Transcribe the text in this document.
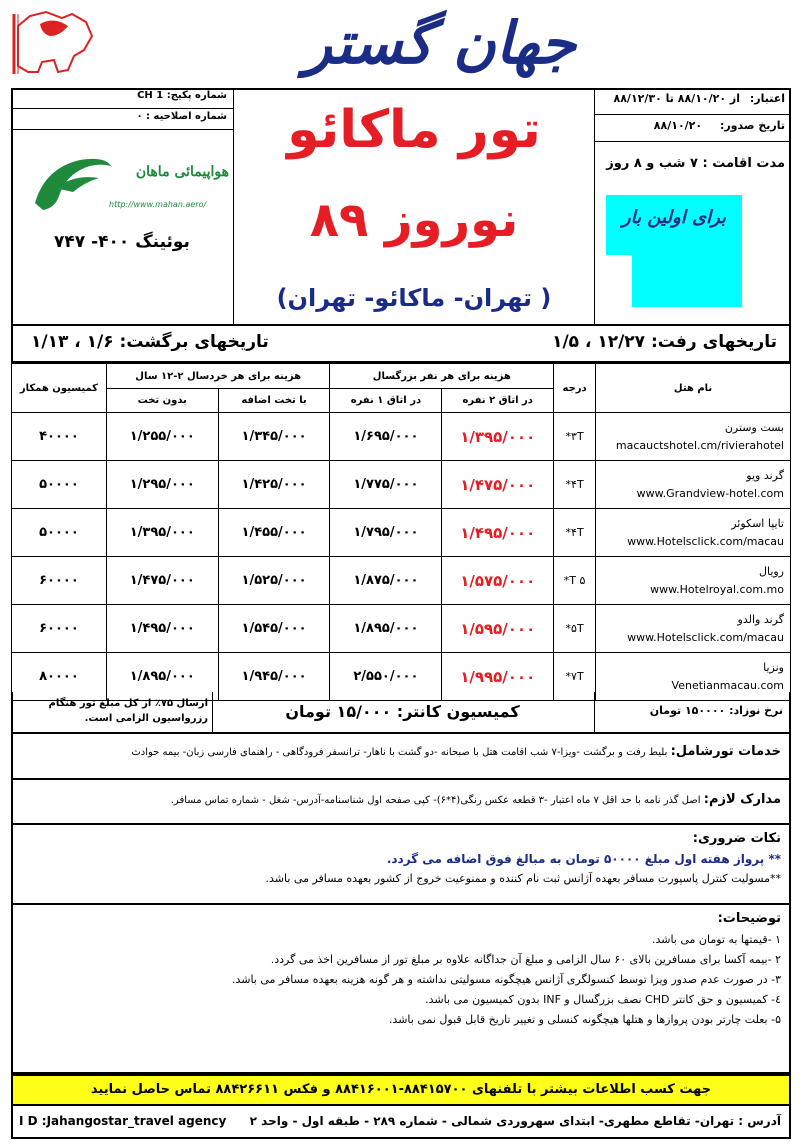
جهان گستر
شماره پکیج: CH 1
شماره اصلاحیه : ۰
هواپیمائی ماهان
http://www.mahan.aero/
بوئینگ ۴۰۰- ۷۴۷
تور ماکائو
نوروز ۸۹
( تهران- ماکائو- تهران)
اعتبار: از ۸۸/۱۰/۲۰ تا ۸۸/۱۲/۳۰
تاریخ صدور: ۸۸/۱۰/۲۰
مدت اقامت : ۷ شب و ۸ روز
برای اولین بار
تاریخهای رفت: ۱۲/۲۷ ، ۱/۵
تاریخهای برگشت: ۱/۶ ، ۱/۱۳
نام هتل	درجه	هزینه برای هر نفر بزرگسال		هزینه برای هر خردسال ۲-۱۲ سال		کمیسیون همکار
		در اتاق ۲ نفره	در اتاق ۱ نفره	با تخت اضافه	بدون تخت	

بست وسترن
macauctshotel.cm/rivierahotel	۳T*	۱/۳۹۵/۰۰۰	۱/۶۹۵/۰۰۰	۱/۳۴۵/۰۰۰	۱/۲۵۵/۰۰۰	۴۰۰۰۰

گرند ویو
www.Grandview-hotel.com	۴T*	۱/۴۷۵/۰۰۰	۱/۷۷۵/۰۰۰	۱/۴۲۵/۰۰۰	۱/۲۹۵/۰۰۰	۵۰۰۰۰

تایپا اسکوئر
www.Hotelsclick.com/macau	۴T*	۱/۴۹۵/۰۰۰	۱/۷۹۵/۰۰۰	۱/۴۵۵/۰۰۰	۱/۳۹۵/۰۰۰	۵۰۰۰۰

رویال
www.Hotelroyal.com.mo	۵ T*	۱/۵۷۵/۰۰۰	۱/۸۷۵/۰۰۰	۱/۵۲۵/۰۰۰	۱/۴۷۵/۰۰۰	۶۰۰۰۰

گرند والدو
www.Hotelsclick.com/macau	۵T*	۱/۵۹۵/۰۰۰	۱/۸۹۵/۰۰۰	۱/۵۴۵/۰۰۰	۱/۴۹۵/۰۰۰	۶۰۰۰۰

ونزیا
Venetianmacau.com	۷T*	۱/۹۹۵/۰۰۰	۲/۵۵۰/۰۰۰	۱/۹۴۵/۰۰۰	۱/۸۹۵/۰۰۰	۸۰۰۰۰
نرخ نوزاد: ۱۵۰۰۰۰ تومان
کمیسیون کانتر: ۱۵/۰۰۰ تومان
ارسال ۷۵٪ از کل مبلغ تور هنگام رزرواسیون الزامی است.
خدمات تورشامل: بلیط رفت و برگشت -ویزا-۷ شب اقامت هتل با صبحانه -دو گشت با ناهار- ترانسفر فرودگاهی - راهنمای فارسی زبان- بیمه حوادث
مدارک لازم: اصل گذر نامه با حد اقل ۷ ماه اعتبار -۳ قطعه عکس رنگی(۴*۶)- کپی صفحه اول شناسنامه-آدرس- شغل - شماره تماس مسافر.
نکات ضروری:
** پرواز هفته اول مبلغ ۵۰۰۰۰ تومان به مبالغ فوق اضافه می گردد.
**مسولیت کنترل پاسپورت مسافر بعهده آژانس ثبت نام کننده و ممنوعیت خروج از کشور بعهده مسافر می باشد.
توضیحات:
۱ -قیمتها به تومان می باشد.
۲ -بیمه آکسا برای مسافرین بالای ۶۰ سال الزامی و مبلغ آن جداگانه علاوه بر مبلغ تور از مسافرین اخذ می گردد.
۳- در صورت عدم صدور ویزا توسط کنسولگری آژانس هیچگونه مسولیتی نداشته و هر گونه هزینه بعهده مسافر می باشد.
٤- کمیسیون و حق کانتر CHD نصف بزرگسال و INF بدون کمیسیون می باشد.
۵- بعلت چارتر بودن پروازها و هتلها هیچگونه کنسلی و تغییر تاریخ قابل قبول نمی باشد.
جهت کسب اطلاعات بیشتر با تلفنهای ۸۸۴۱۵۷۰۰-۸۸۴۱۶۰۰۱ و فکس ۸۸۴۲۶۶۱۱ تماس حاصل نمایید
آدرس : تهران- تقاطع مطهری- ابتدای سهروردی شمالی - شماره ۲۸۹ - طبقه اول - واحد ۲
I D :Jahangostar_travel agency
